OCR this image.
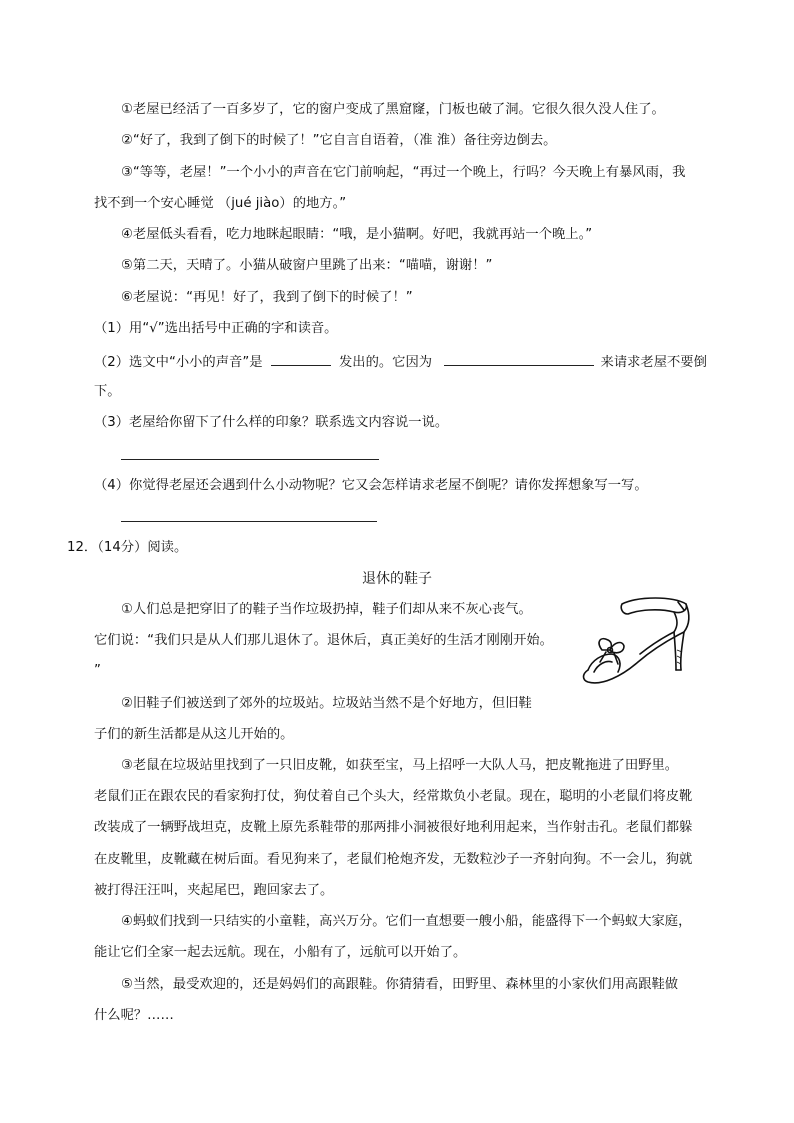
①老屋已经活了一百多岁了，它的窗户变成了黑窟窿，门板也破了洞。它很久很久没人住了。
②“好了，我到了倒下的时候了！”它自言自语着，（准 淮）备往旁边倒去。
③“等等，老屋！”一个小小的声音在它门前响起，“再过一个晚上，行吗？今天晚上有暴风雨，我
找不到一个安心睡觉 （jué jiào）的地方。”
④老屋低头看看，吃力地眯起眼睛：“哦，是小猫啊。好吧，我就再站一个晚上。”
⑤第二天，天晴了。小猫从破窗户里跳了出来：“喵喵，谢谢！”
⑥老屋说：“再见！好了，我到了倒下的时候了！”
（1）用“√”选出括号中正确的字和读音。
（2）选文中“小小的声音”是	发出的。它因为	来请求老屋不要倒
下。
（3）老屋给你留下了什么样的印象？联系选文内容说一说。
（4）你觉得老屋还会遇到什么小动物呢？它又会怎样请求老屋不倒呢？请你发挥想象写一写。
12．（14分）阅读。
退休的鞋子
①人们总是把穿旧了的鞋子当作垃圾扔掉，鞋子们却从来不灰心丧气。
它们说：“我们只是从人们那儿退休了。退休后，真正美好的生活才刚刚开始。
”
②旧鞋子们被送到了郊外的垃圾站。垃圾站当然不是个好地方，但旧鞋
子们的新生活都是从这儿开始的。
③老鼠在垃圾站里找到了一只旧皮靴，如获至宝，马上招呼一大队人马，把皮靴拖进了田野里。
老鼠们正在跟农民的看家狗打仗，狗仗着自己个头大，经常欺负小老鼠。现在，聪明的小老鼠们将皮靴
改装成了一辆野战坦克，皮靴上原先系鞋带的那两排小洞被很好地利用起来，当作射击孔。老鼠们都躲
在皮靴里，皮靴藏在树后面。看见狗来了，老鼠们枪炮齐发，无数粒沙子一齐射向狗。不一会儿，狗就
被打得汪汪叫，夹起尾巴，跑回家去了。
④蚂蚁们找到一只结实的小童鞋，高兴万分。它们一直想要一艘小船，能盛得下一个蚂蚁大家庭，
能让它们全家一起去远航。现在，小船有了，远航可以开始了。
⑤当然，最受欢迎的，还是妈妈们的高跟鞋。你猜猜看，田野里、森林里的小家伙们用高跟鞋做
什么呢？……
